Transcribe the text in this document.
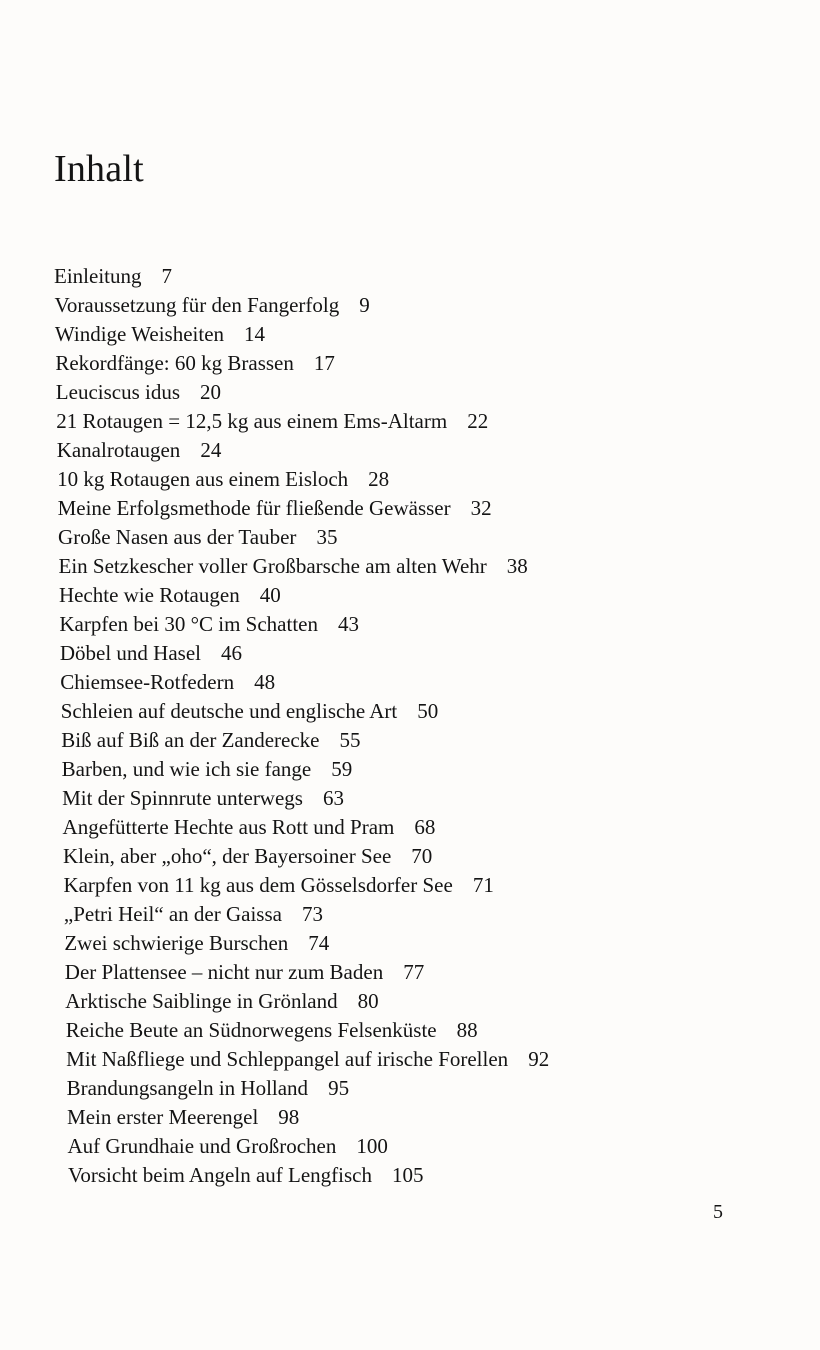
Inhalt
Einleitung 7
Voraussetzung für den Fangerfolg 9
Windige Weisheiten 14
Rekordfänge: 60 kg Brassen 17
Leuciscus idus 20
21 Rotaugen = 12,5 kg aus einem Ems-Altarm 22
Kanalrotaugen 24
10 kg Rotaugen aus einem Eisloch 28
Meine Erfolgsmethode für fließende Gewässer 32
Große Nasen aus der Tauber 35
Ein Setzkescher voller Großbarsche am alten Wehr 38
Hechte wie Rotaugen 40
Karpfen bei 30 °C im Schatten 43
Döbel und Hasel 46
Chiemsee-Rotfedern 48
Schleien auf deutsche und englische Art 50
Biß auf Biß an der Zanderecke 55
Barben, und wie ich sie fange 59
Mit der Spinnrute unterwegs 63
Angefütterte Hechte aus Rott und Pram 68
Klein, aber „oho“, der Bayersoiner See 70
Karpfen von 11 kg aus dem Gösselsdorfer See 71
„Petri Heil“ an der Gaissa 73
Zwei schwierige Burschen 74
Der Plattensee – nicht nur zum Baden 77
Arktische Saiblinge in Grönland 80
Reiche Beute an Südnorwegens Felsenküste 88
Mit Naßfliege und Schleppangel auf irische Forellen 92
Brandungsangeln in Holland 95
Mein erster Meerengel 98
Auf Grundhaie und Großrochen 100
Vorsicht beim Angeln auf Lengfisch 105
5
